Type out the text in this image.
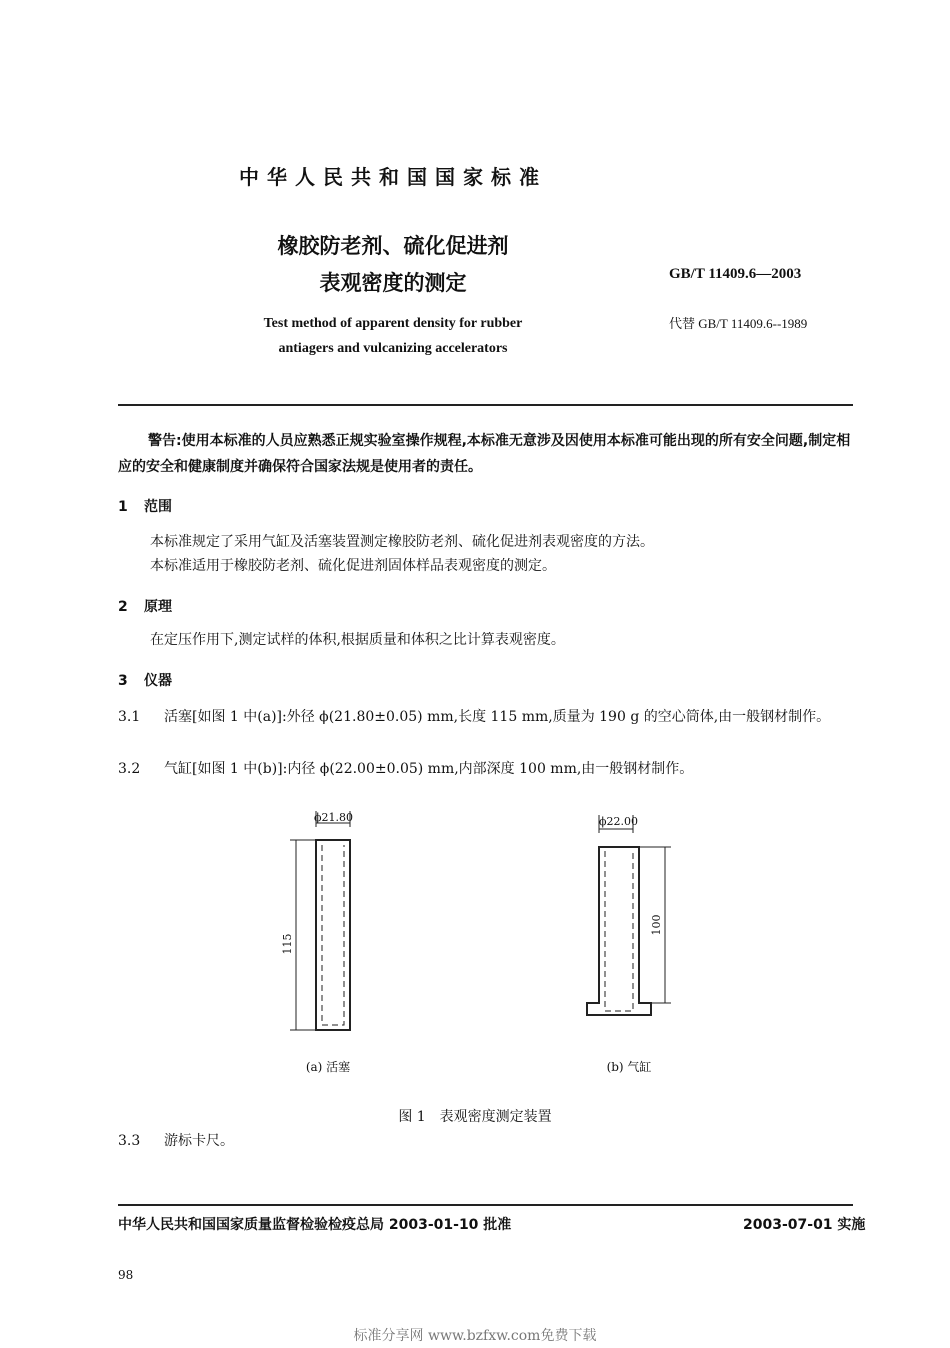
中华人民共和国国家标准
橡胶防老剂、硫化促进剂
表观密度的测定
Test method of apparent density for rubber
antiagers and vulcanizing accelerators
GB/T 11409.6—2003
代替 GB/T 11409.6--1989
警告:使用本标准的人员应熟悉正规实验室操作规程,本标准无意涉及因使用本标准可能出现的所有安全问题,制定相应的安全和健康制度并确保符合国家法规是使用者的责任。
1 范围
本标准规定了采用气缸及活塞装置测定橡胶防老剂、硫化促进剂表观密度的方法。
本标准适用于橡胶防老剂、硫化促进剂固体样品表观密度的测定。
2 原理
在定压作用下,测定试样的体积,根据质量和体积之比计算表观密度。
3 仪器
3.1 活塞[如图 1 中(a)]:外径 ϕ(21.80±0.05) mm,长度 115 mm,质量为 190 g 的空心筒体,由一般钢材制作。
3.2 气缸[如图 1 中(b)]:内径 ϕ(22.00±0.05) mm,内部深度 100 mm,由一般钢材制作。
ϕ21.80
115
(a) 活塞
ϕ22.00
100
(b) 气缸
图 1　表观密度测定装置
3.3 游标卡尺。
中华人民共和国国家质量监督检验检疫总局 2003-01-10 批准	2003-07-01 实施
98
标准分享网 www.bzfxw.com免费下载
